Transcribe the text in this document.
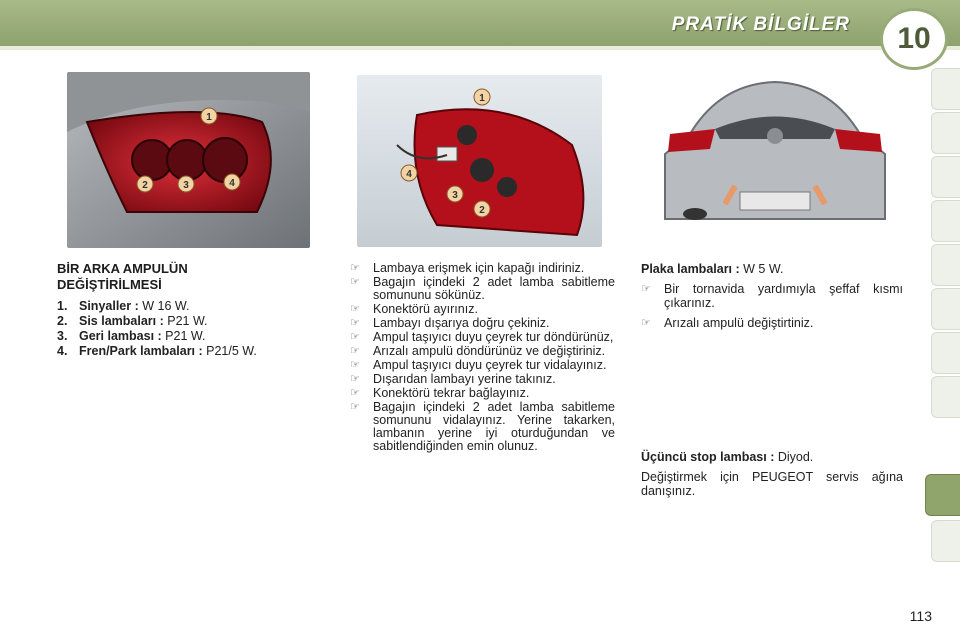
PRATİK BİLGİLER	10
1
2	3	4
1
4
3
2
BİR ARKA AMPULÜN
DEĞİŞTİRİLMESİ
1. Sinyaller : W 16 W.
2. Sis lambaları : P21 W.
3. Geri lambası : P21 W.
4. Fren/Park lambaları : P21/5 W.
☞ Lambaya erişmek için kapağı indiriniz.
☞ Bagajın içindeki 2 adet lamba sabitleme somununu sökünüz.
☞ Konektörü ayırınız.
☞ Lambayı dışarıya doğru çekiniz.
☞ Ampul taşıyıcı duyu çeyrek tur döndürünüz,
☞ Arızalı ampulü döndürünüz ve değiştiriniz.
☞ Ampul taşıyıcı duyu çeyrek tur vidalayınız.
☞ Dışarıdan lambayı yerine takınız.
☞ Konektörü tekrar bağlayınız.
☞ Bagajın içindeki 2 adet lamba sabitleme somununu vidalayınız. Yerine takarken, lambanın yerine iyi oturduğundan ve sabitlendiğinden emin olunuz.
Plaka lambaları : W 5 W.
☞ Bir tornavida yardımıyla şeffaf kısmı çıkarınız.
☞ Arızalı ampulü değiştirtiniz.
Üçüncü stop lambası : Diyod.

Değiştirmek için PEUGEOT servis ağına danışınız.

113
